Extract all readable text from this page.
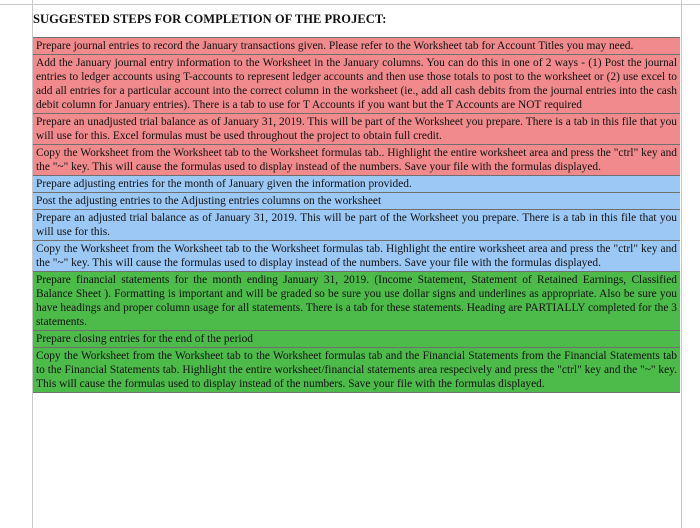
SUGGESTED STEPS FOR COMPLETION OF THE PROJECT:
Prepare journal entries to record the January transactions given. Please refer to the Worksheet tab for Account Titles you may need.
Add the January journal entry information to the Worksheet in the January columns. You can do this in one of 2 ways - (1) Post the journal entries to ledger accounts using T-accounts to represent ledger accounts and then use those totals to post to the worksheet or (2) use excel to add all entries for a particular account into the correct column in the worksheet (ie., add all cash debits from the journal entries into the cash debit column for January entries). There is a tab to use for T Accounts if you want but the T Accounts are NOT required
Prepare an unadjusted trial balance as of January 31, 2019. This will be part of the Worksheet you prepare. There is a tab in this file that you will use for this. Excel formulas must be used throughout the project to obtain full credit.
Copy the Worksheet from the Worksheet tab to the Worksheet formulas tab.. Highlight the entire worksheet area and press the "ctrl" key and the "~" key. This will cause the formulas used to display instead of the numbers. Save your file with the formulas displayed.
Prepare adjusting entries for the month of January given the information provided.
Post the adjusting entries to the Adjusting entries columns on the worksheet
Prepare an adjusted trial balance as of January 31, 2019. This will be part of the Worksheet you prepare. There is a tab in this file that you will use for this.
Copy the Worksheet from the Worksheet tab to the Worksheet formulas tab. Highlight the entire worksheet area and press the "ctrl" key and the "~" key. This will cause the formulas used to display instead of the numbers. Save your file with the formulas displayed.
Prepare financial statements for the month ending January 31, 2019. (Income Statement, Statement of Retained Earnings, Classified Balance Sheet ). Formatting is important and will be graded so be sure you use dollar signs and underlines as appropriate. Also be sure you have headings and proper column usage for all statements. There is a tab for these statements. Heading are PARTIALLY completed for the 3 statements.
Prepare closing entries for the end of the period
Copy the Worksheet from the Worksheet tab to the Worksheet formulas tab and the Financial Statements from the Financial Statements tab to the Financial Statements tab. Highlight the entire worksheet/financial statements area respecively and press the "ctrl" key and the "~" key. This will cause the formulas used to display instead of the numbers. Save your file with the formulas displayed.
